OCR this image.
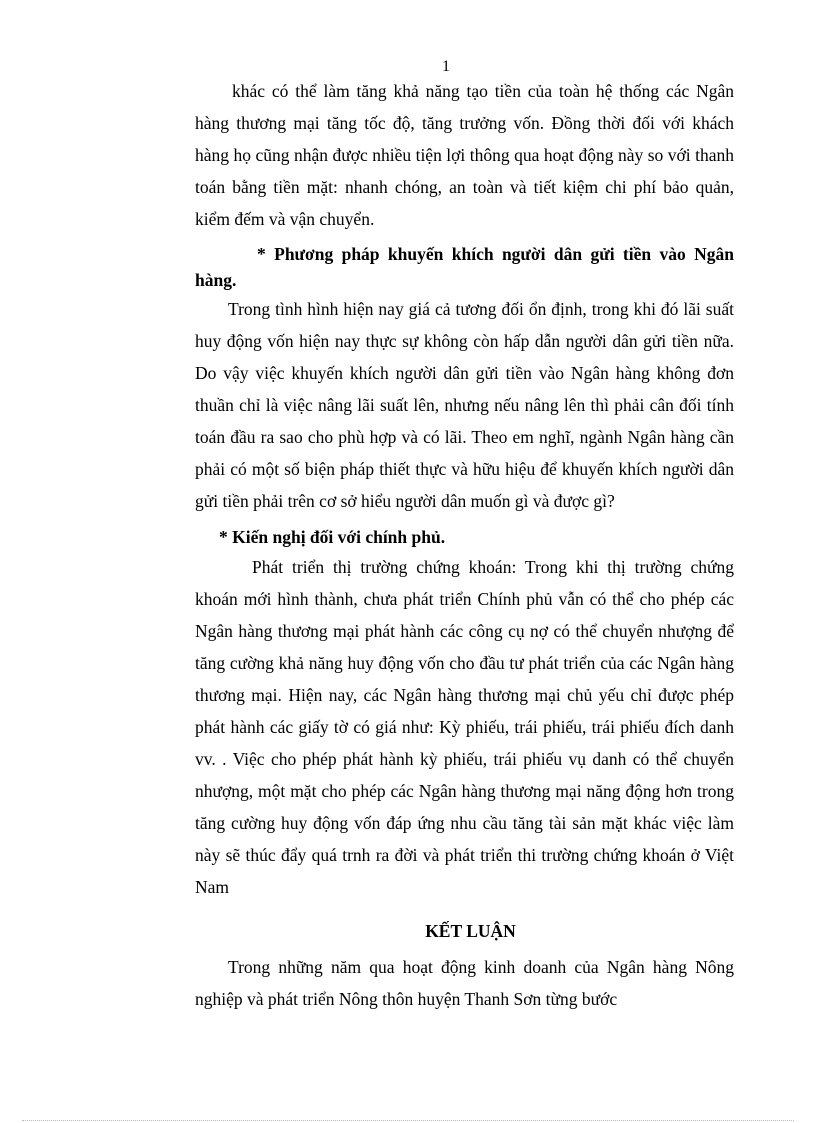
1

khác có thể làm tăng khả năng tạo tiền của toàn hệ thống các Ngân hàng thương mại tăng tốc độ, tăng trưởng vốn. Đồng thời đối với khách hàng họ cũng nhận được nhiều tiện lợi thông qua hoạt động này so với thanh toán bằng tiền mặt: nhanh chóng, an toàn và tiết kiệm chi phí bảo quản, kiểm đếm và vận chuyển.

* Phương pháp khuyến khích người dân gửi tiền vào Ngân hàng.

Trong tình hình hiện nay giá cả tương đối ổn định, trong khi đó lãi suất huy động vốn hiện nay thực sự không còn hấp dẫn người dân gửi tiền nữa. Do vậy việc khuyến khích người dân gửi tiền vào Ngân hàng không đơn thuần chỉ là việc nâng lãi suất lên, nhưng nếu nâng lên thì phải cân đối tính toán đầu ra sao cho phù hợp và có lãi. Theo em nghĩ, ngành Ngân hàng cần phải có một số biện pháp thiết thực và hữu hiệu để khuyến khích người dân gửi tiền phải trên cơ sở hiểu người dân muốn gì và được gì?

* Kiến nghị đối với chính phủ.

Phát triển thị trường chứng khoán: Trong khi thị trường chứng khoán mới hình thành, chưa phát triển Chính phủ vẫn có thể cho phép các Ngân hàng thương mại phát hành các công cụ nợ có thể chuyển nhượng để tăng cường khả năng huy động vốn cho đầu tư phát triển của các Ngân hàng thương mại. Hiện nay, các Ngân hàng thương mại chủ yếu chỉ được phép phát hành các giấy tờ có giá như: Kỳ phiếu, trái phiếu, trái phiếu đích danh vv. . Việc cho phép phát hành kỳ phiếu, trái phiếu vụ danh có thể chuyển nhượng, một mặt cho phép các Ngân hàng thương mại năng động hơn trong tăng cường huy động vốn đáp ứng nhu cầu tăng tài sản mặt khác việc làm này sẽ thúc đẩy quá trnh ra đời và phát triển thi trường chứng khoán ở Việt Nam

KẾT LUẬN

Trong những năm qua hoạt động kinh doanh của Ngân hàng Nông nghiệp và phát triển Nông thôn huyện Thanh Sơn từng bước
